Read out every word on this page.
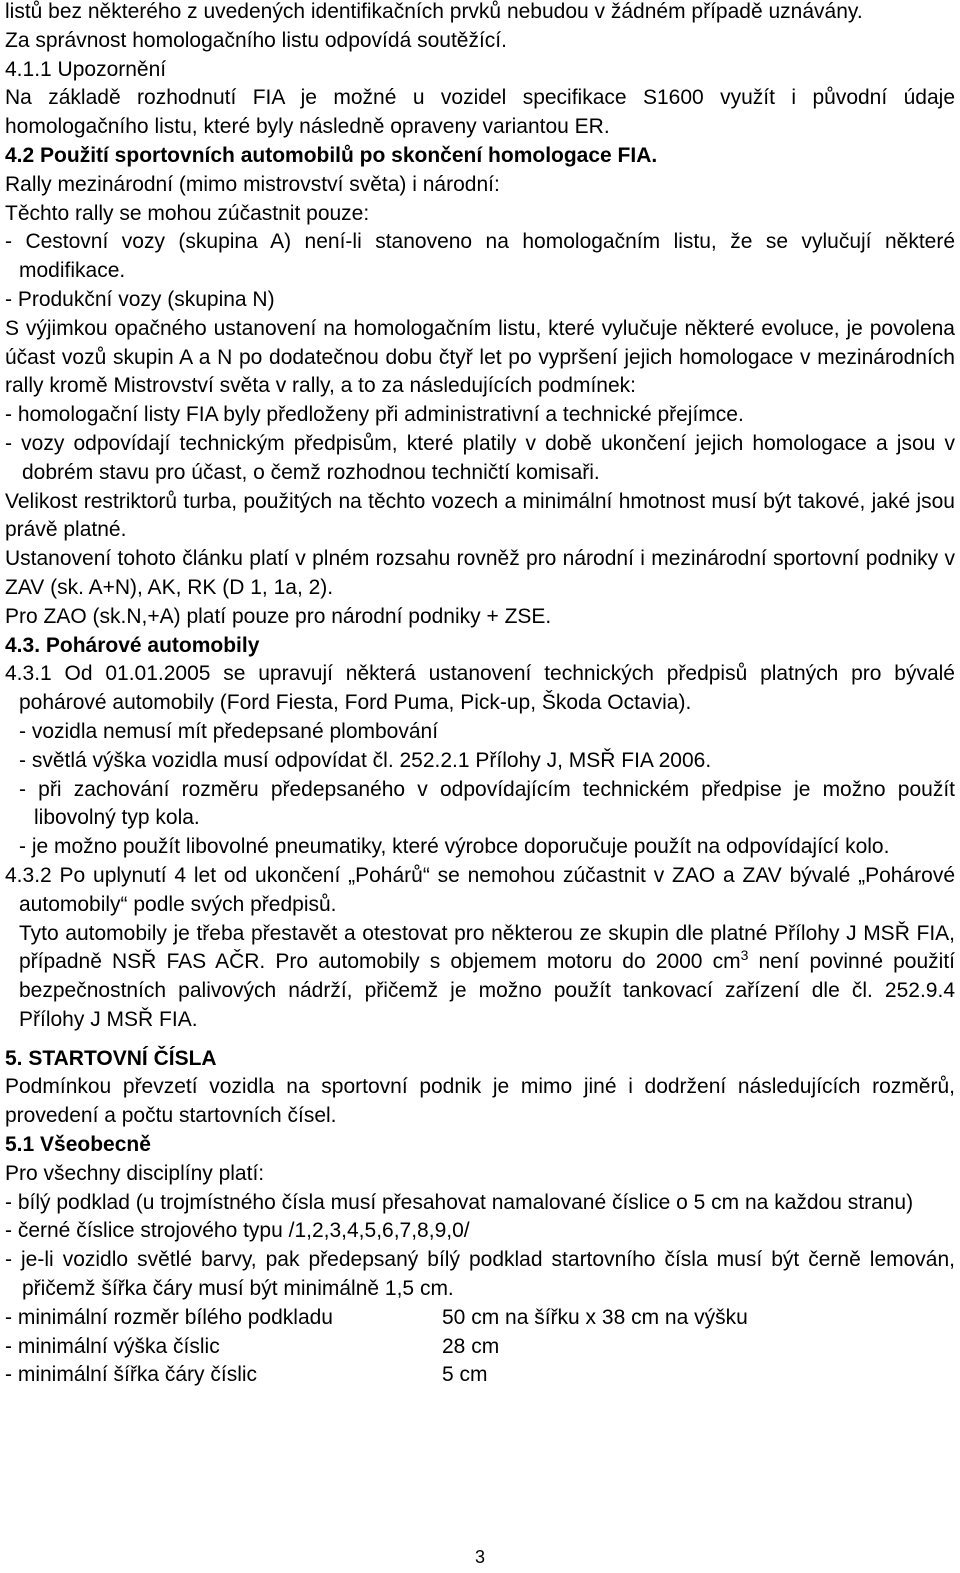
listů bez některého z uvedených identifikačních prvků nebudou v žádném případě uznávány.

Za správnost homologačního listu odpovídá soutěžící.

4.1.1 Upozornění

Na základě rozhodnutí FIA je možné u vozidel specifikace S1600 využít i původní údaje homologačního listu, které byly následně opraveny variantou ER.

4.2 Použití sportovních automobilů po skončení homologace FIA.

Rally mezinárodní (mimo mistrovství světa) i národní:

Těchto rally se mohou zúčastnit pouze:

- Cestovní vozy (skupina A) není-li stanoveno na homologačním listu, že se vylučují některé modifikace.

- Produkční vozy (skupina N)

S výjimkou opačného ustanovení na homologačním listu, které vylučuje některé evoluce, je povolena účast vozů skupin A a N po dodatečnou dobu čtyř let po vypršení jejich homologace v mezinárodních rally kromě Mistrovství světa v rally, a to za následujících podmínek:

- homologační listy FIA byly předloženy při administrativní a technické přejímce.

- vozy odpovídají technickým předpisům, které platily v době ukončení jejich homologace a jsou v dobrém stavu pro účast, o čemž rozhodnou techničtí komisaři.

Velikost restriktorů turba, použitých na těchto vozech a minimální hmotnost musí být takové, jaké jsou právě platné.

Ustanovení tohoto článku platí v plném rozsahu rovněž pro národní i mezinárodní sportovní podniky v ZAV (sk. A+N), AK, RK (D 1, 1a, 2).

Pro ZAO (sk.N,+A) platí pouze pro národní podniky + ZSE.

4.3. Pohárové automobily

4.3.1 Od 01.01.2005 se upravují některá ustanovení technických předpisů platných pro bývalé pohárové automobily (Ford Fiesta, Ford Puma, Pick-up, Škoda Octavia).

- vozidla nemusí mít předepsané plombování

- světlá výška vozidla musí odpovídat čl. 252.2.1 Přílohy J, MSŘ FIA 2006.

- při zachování rozměru předepsaného v odpovídajícím technickém předpise je možno použít libovolný typ kola.

- je možno použít libovolné pneumatiky, které výrobce doporučuje použít na odpovídající kolo.

4.3.2 Po uplynutí 4 let od ukončení „Pohárů“ se nemohou zúčastnit v ZAO a ZAV bývalé „Pohárové automobily“ podle svých předpisů.

Tyto automobily je třeba přestavět a otestovat pro některou ze skupin dle platné Přílohy J MSŘ FIA, případně NSŘ FAS AČR. Pro automobily s objemem motoru do 2000 $cm^3$ není povinné použití bezpečnostních palivových nádrží, přičemž je možno použít tankovací zařízení dle čl. 252.9.4 Přílohy J MSŘ FIA.

5. STARTOVNÍ ČÍSLA

Podmínkou převzetí vozidla na sportovní podnik je mimo jiné i dodržení následujících rozměrů, provedení a počtu startovních čísel.

5.1 Všeobecně

Pro všechny disciplíny platí:

- bílý podklad (u trojmístného čísla musí přesahovat namalované číslice o 5 cm na každou stranu)

- černé číslice strojového typu /1,2,3,4,5,6,7,8,9,0/

- je-li vozidlo světlé barvy, pak předepsaný bílý podklad startovního čísla musí být černě lemován, přičemž šířka čáry musí být minimálně 1,5 cm.

- minimální rozměr bílého podkladu	50 cm na šířku x 38 cm na výšku
- minimální výška číslic	28 cm
- minimální šířka čáry číslic	5 cm
3
